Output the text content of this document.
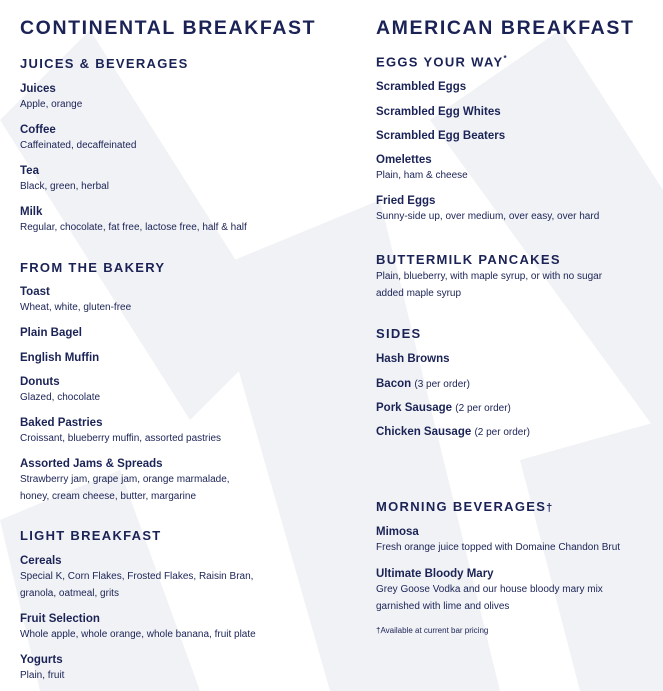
CONTINENTAL BREAKFAST
JUICES & BEVERAGES
Juices
Apple, orange
Coffee
Caffeinated, decaffeinated
Tea
Black, green, herbal
Milk
Regular, chocolate, fat free, lactose free, half & half
FROM THE BAKERY
Toast
Wheat, white, gluten-free
Plain Bagel
English Muffin
Donuts
Glazed, chocolate
Baked Pastries
Croissant, blueberry muffin, assorted pastries
Assorted Jams & Spreads
Strawberry jam, grape jam, orange marmalade,
honey, cream cheese, butter, margarine
LIGHT BREAKFAST
Cereals
Special K, Corn Flakes, Frosted Flakes, Raisin Bran,
granola, oatmeal, grits
Fruit Selection
Whole apple, whole orange, whole banana, fruit plate
Yogurts
Plain, fruit
AMERICAN BREAKFAST
EGGS YOUR WAY*
Scrambled Eggs
Scrambled Egg Whites
Scrambled Egg Beaters
Omelettes
Plain, ham & cheese
Fried Eggs
Sunny-side up, over medium, over easy, over hard
BUTTERMILK PANCAKES
Plain, blueberry, with maple syrup, or with no sugar
added maple syrup
SIDES
Hash Browns
Bacon (3 per order)
Pork Sausage (2 per order)
Chicken Sausage (2 per order)
MORNING BEVERAGES†
Mimosa
Fresh orange juice topped with Domaine Chandon Brut
Ultimate Bloody Mary
Grey Goose Vodka and our house bloody mary mix
garnished with lime and olives
†Available at current bar pricing
